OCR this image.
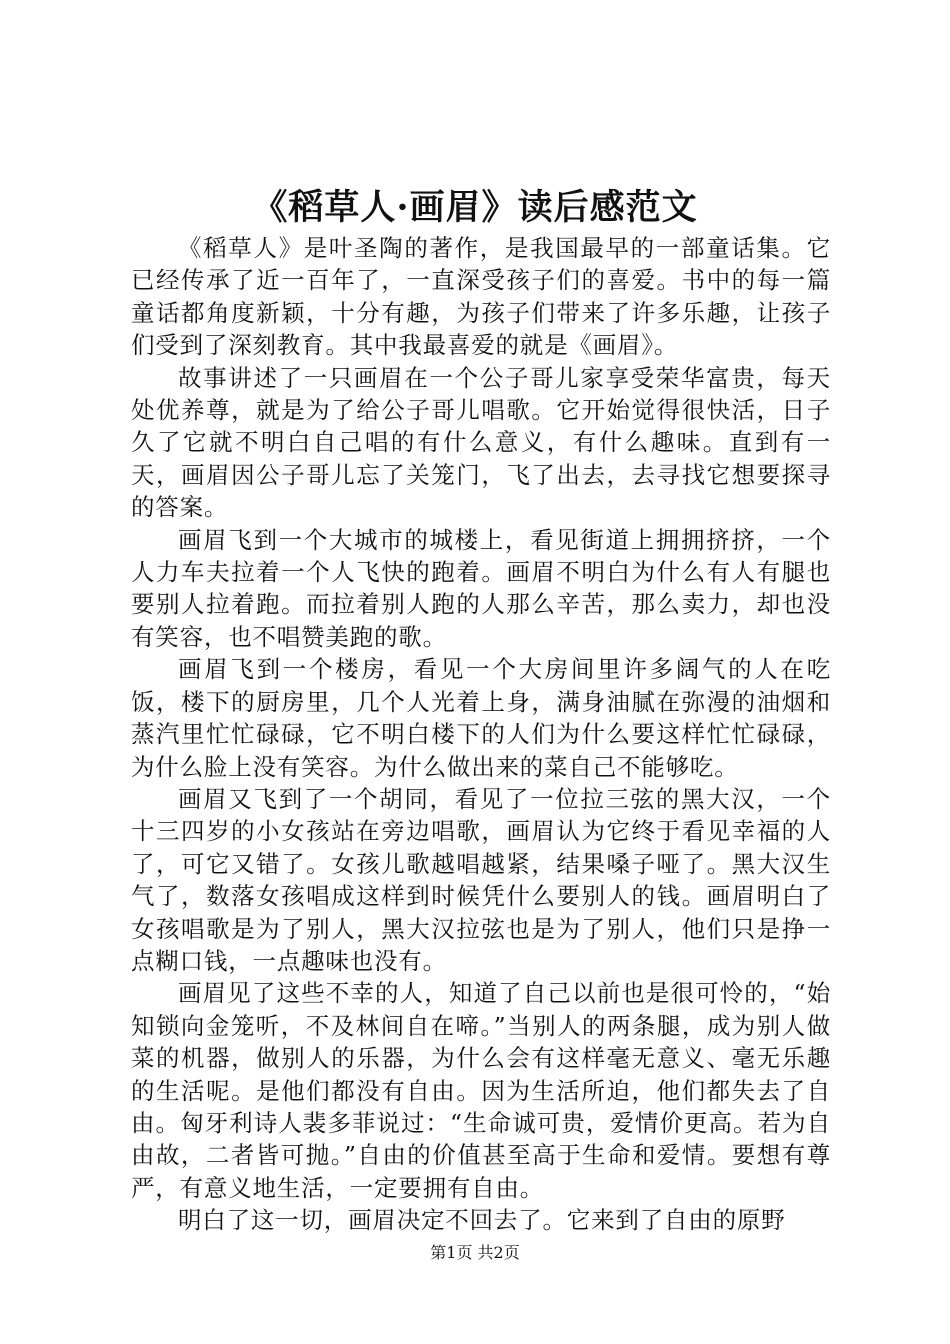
《稻草人·画眉》读后感范文

《稻草人》是叶圣陶的著作，是我国最早的一部童话集。它已经传承了近一百年了，一直深受孩子们的喜爱。书中的每一篇童话都角度新颖，十分有趣，为孩子们带来了许多乐趣，让孩子们受到了深刻教育。其中我最喜爱的就是《画眉》。

故事讲述了一只画眉在一个公子哥儿家享受荣华富贵，每天处优养尊，就是为了给公子哥儿唱歌。它开始觉得很快活，日子久了它就不明白自己唱的有什么意义，有什么趣味。直到有一天，画眉因公子哥儿忘了关笼门，飞了出去，去寻找它想要探寻的答案。

画眉飞到一个大城市的城楼上，看见街道上拥拥挤挤，一个人力车夫拉着一个人飞快的跑着。画眉不明白为什么有人有腿也要别人拉着跑。而拉着别人跑的人那么辛苦，那么卖力，却也没有笑容，也不唱赞美跑的歌。

画眉飞到一个楼房，看见一个大房间里许多阔气的人在吃饭，楼下的厨房里，几个人光着上身，满身油腻在弥漫的油烟和蒸汽里忙忙碌碌，它不明白楼下的人们为什么要这样忙忙碌碌，为什么脸上没有笑容。为什么做出来的菜自己不能够吃。

画眉又飞到了一个胡同，看见了一位拉三弦的黑大汉，一个十三四岁的小女孩站在旁边唱歌，画眉认为它终于看见幸福的人了，可它又错了。女孩儿歌越唱越紧，结果嗓子哑了。黑大汉生气了，数落女孩唱成这样到时候凭什么要别人的钱。画眉明白了女孩唱歌是为了别人，黑大汉拉弦也是为了别人，他们只是挣一点糊口钱，一点趣味也没有。

画眉见了这些不幸的人，知道了自己以前也是很可怜的，“始知锁向金笼听，不及林间自在啼。”当别人的两条腿，成为别人做菜的机器，做别人的乐器，为什么会有这样毫无意义、毫无乐趣的生活呢。是他们都没有自由。因为生活所迫，他们都失去了自由。匈牙利诗人裴多菲说过：“生命诚可贵，爱情价更高。若为自由故，二者皆可抛。”自由的价值甚至高于生命和爱情。要想有尊严，有意义地生活，一定要拥有自由。

明白了这一切，画眉决定不回去了。它来到了自由的原野

第1页 共2页
